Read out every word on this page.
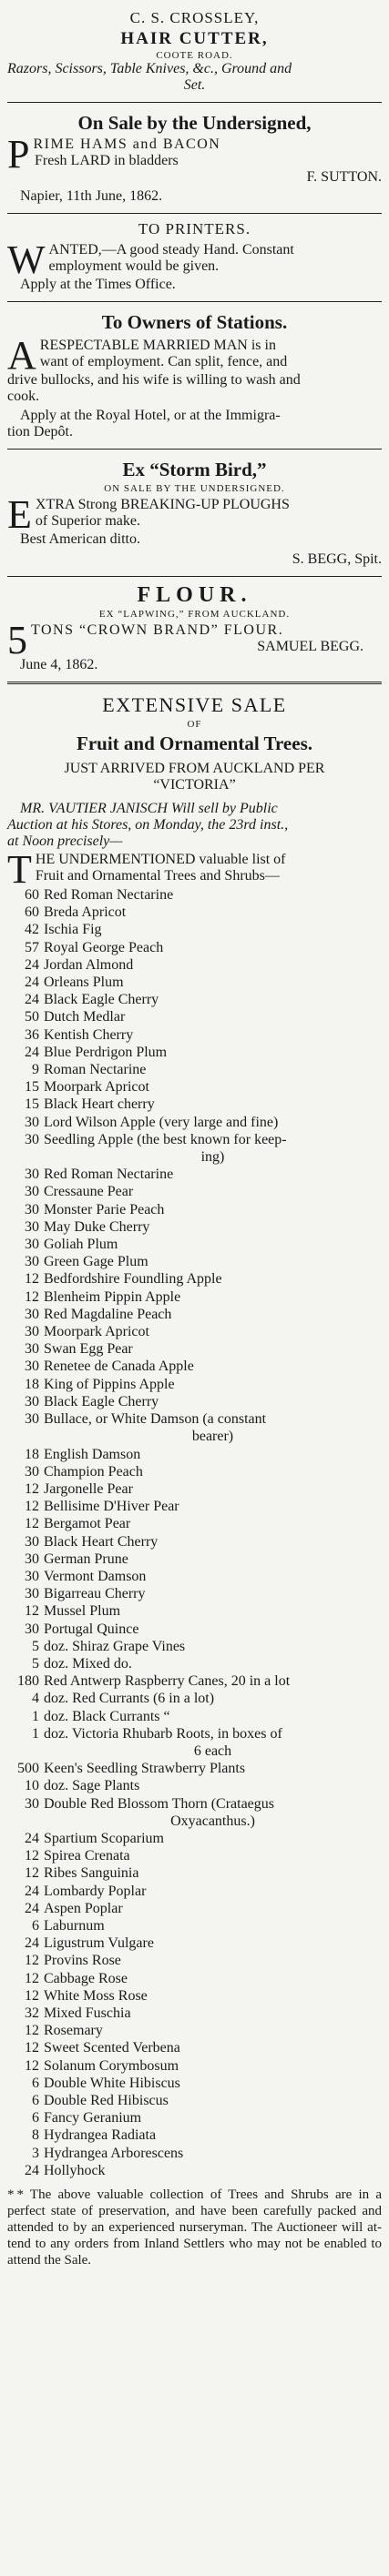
C. S. CROSSLEY,
HAIR CUTTER,
COOTE ROAD.
Razors, Scissors, Table Knives, &c., Ground and
Set.
On Sale by the Undersigned,
P RIME HAMS and BACON
Fresh LARD in bladders
F. SUTTON.
Napier, 11th June, 1862.
TO PRINTERS.
W ANTED,—A good steady Hand. Constant
employment would be given.
Apply at the Times Office.
To Owners of Stations.
A RESPECTABLE MARRIED MAN is in
want of employment. Can split, fence, and
drive bullocks, and his wife is willing to wash and
cook.
Apply at the Royal Hotel, or at the Immigra-
tion Depôt.
Ex “Storm Bird,”
ON SALE BY THE UNDERSIGNED.
E XTRA Strong BREAKING-UP PLOUGHS
of Superior make.
Best American ditto.
S. BEGG, Spit.
FLOUR.
EX “LAPWING,” FROM AUCKLAND.
5 TONS “CROWN BRAND” FLOUR.
SAMUEL BEGG.
June 4, 1862.
EXTENSIVE SALE
OF
Fruit and Ornamental Trees.
JUST ARRIVED FROM AUCKLAND PER
“VICTORIA”
MR. VAUTIER JANISCH Will sell by Public
Auction at his Stores, on Monday, the 23rd inst.,
at Noon precisely—
T HE UNDERMENTIONED valuable list of
Fruit and Ornamental Trees and Shrubs—
60 Red Roman Nectarine
60 Breda Apricot
42 Ischia Fig
57 Royal George Peach
24 Jordan Almond
24 Orleans Plum
24 Black Eagle Cherry
50 Dutch Medlar
36 Kentish Cherry
24 Blue Perdrigon Plum
9 Roman Nectarine
15 Moorpark Apricot
15 Black Heart cherry
30 Lord Wilson Apple (very large and fine)
30 Seedling Apple (the best known for keep-
ing)
30 Red Roman Nectarine
30 Cressaune Pear
30 Monster Parie Peach
30 May Duke Cherry
30 Goliah Plum
30 Green Gage Plum
12 Bedfordshire Foundling Apple
12 Blenheim Pippin Apple
30 Red Magdaline Peach
30 Moorpark Apricot
30 Swan Egg Pear
30 Renetee de Canada Apple
18 King of Pippins Apple
30 Black Eagle Cherry
30 Bullace, or White Damson (a constant
bearer)
18 English Damson
30 Champion Peach
12 Jargonelle Pear
12 Bellisime D'Hiver Pear
12 Bergamot Pear
30 Black Heart Cherry
30 German Prune
30 Vermont Damson
30 Bigarreau Cherry
12 Mussel Plum
30 Portugal Quince
5 doz. Shiraz Grape Vines
5 doz. Mixed do.
180 Red Antwerp Raspberry Canes, 20 in a lot
4 doz. Red Currants (6 in a lot)
1 doz. Black Currants “
1 doz. Victoria Rhubarb Roots, in boxes of
6 each
500 Keen's Seedling Strawberry Plants
10 doz. Sage Plants
30 Double Red Blossom Thorn (Crataegus
Oxyacanthus.)
24 Spartium Scoparium
12 Spirea Crenata
12 Ribes Sanguinia
24 Lombardy Poplar
24 Aspen Poplar
6 Laburnum
24 Ligustrum Vulgare
12 Provins Rose
12 Cabbage Rose
12 White Moss Rose
32 Mixed Fuschia
12 Rosemary
12 Sweet Scented Verbena
12 Solanum Corymbosum
6 Double White Hibiscus
6 Double Red Hibiscus
6 Fancy Geranium
8 Hydrangea Radiata
3 Hydrangea Arborescens
24 Hollyhock
* * The above valuable collection of Trees and Shrubs are in a perfect state of preservation, and have been carefully packed and attended to by an experienced nurseryman. The Auctioneer will at- tend to any orders from Inland Settlers who may not be enabled to attend the Sale.
